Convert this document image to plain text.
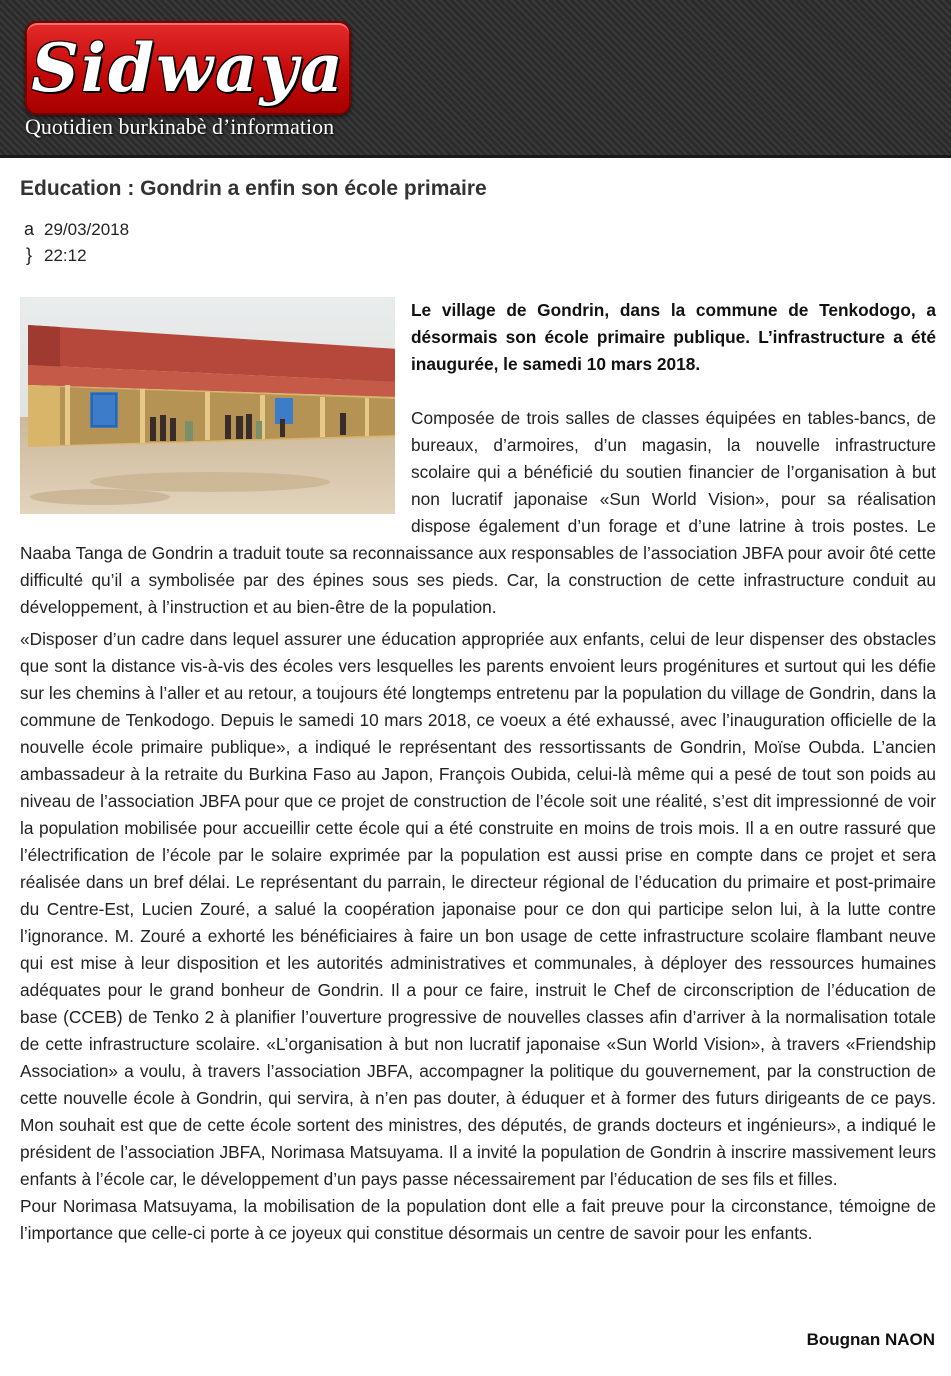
Sidwaya
Quotidien burkinabè d’information
Education : Gondrin a enfin son école primaire
a 29/03/2018
} 22:12

Le village de Gondrin, dans la commune de Tenkodogo, a désormais son école primaire publique. L’infrastructure a été inaugurée, le samedi 10 mars 2018.

Composée de trois salles de classes équipées en tables-bancs, de bureaux, d’armoires, d’un magasin, la nouvelle infrastructure scolaire qui a bénéficié du soutien financier de l’organisation à but non lucratif japonaise «Sun World Vision», pour sa réalisation dispose également d’un forage et d’une latrine à trois postes. Le Naaba Tanga de Gondrin a traduit toute sa reconnaissance aux responsables de l’association JBFA pour avoir ôté cette difficulté qu’il a symbolisée par des épines sous ses pieds. Car, la construction de cette infrastructure conduit au développement, à l’instruction et au bien-être de la population.

«Disposer d’un cadre dans lequel assurer une éducation appropriée aux enfants, celui de leur dispenser des obstacles que sont la distance vis-à-vis des écoles vers lesquelles les parents envoient leurs progénitures et surtout qui les défie sur les chemins à l’aller et au retour, a toujours été longtemps entretenu par la population du village de Gondrin, dans la commune de Tenkodogo. Depuis le samedi 10 mars 2018, ce voeux a été exhaussé, avec l’inauguration officielle de la nouvelle école primaire publique», a indiqué le représentant des ressortissants de Gondrin, Moïse Oubda. L’ancien ambassadeur à la retraite du Burkina Faso au Japon, François Oubida, celui-là même qui a pesé de tout son poids au niveau de l’association JBFA pour que ce projet de construction de l’école soit une réalité, s’est dit impressionné de voir la population mobilisée pour accueillir cette école qui a été construite en moins de trois mois. Il a en outre rassuré que l’électrification de l’école par le solaire exprimée par la population est aussi prise en compte dans ce projet et sera réalisée dans un bref délai. Le représentant du parrain, le directeur régional de l’éducation du primaire et post-primaire du Centre-Est, Lucien Zouré, a salué la coopération japonaise pour ce don qui participe selon lui, à la lutte contre l’ignorance. M. Zouré a exhorté les bénéficiaires à faire un bon usage de cette infrastructure scolaire flambant neuve qui est mise à leur disposition et les autorités administratives et communales, à déployer des ressources humaines adéquates pour le grand bonheur de Gondrin. Il a pour ce faire, instruit le Chef de circonscription de l’éducation de base (CCEB) de Tenko 2 à planifier l’ouverture progressive de nouvelles classes afin d’arriver à la normalisation totale de cette infrastructure scolaire. «L’organisation à but non lucratif japonaise «Sun World Vision», à travers «Friendship Association» a voulu, à travers l’association JBFA, accompagner la politique du gouvernement, par la construction de cette nouvelle école à Gondrin, qui servira, à n’en pas douter, à éduquer et à former des futurs dirigeants de ce pays. Mon souhait est que de cette école sortent des ministres, des députés, de grands docteurs et ingénieurs», a indiqué le président de l’association JBFA, Norimasa Matsuyama. Il a invité la population de Gondrin à inscrire massivement leurs enfants à l’école car, le développement d’un pays passe nécessairement par l’éducation de ses fils et filles.

Pour Norimasa Matsuyama, la mobilisation de la population dont elle a fait preuve pour la circonstance, témoigne de l’importance que celle-ci porte à ce joyeux qui constitue désormais un centre de savoir pour les enfants.

Bougnan NAON
